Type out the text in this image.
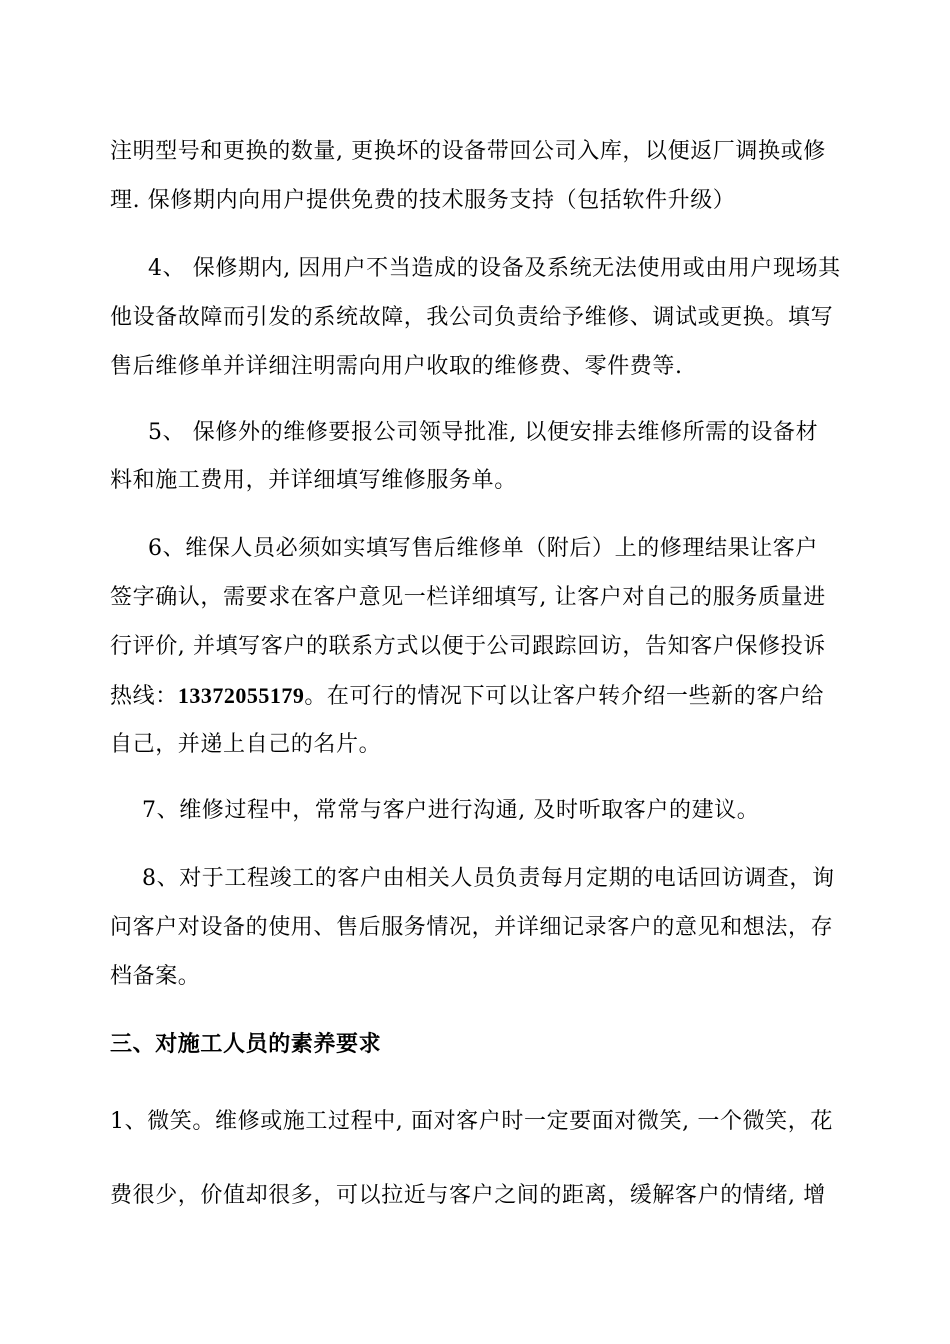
注明型号和更换的数量, 更换坏的设备带回公司入库，以便返厂调换或修
理. 保修期内向用户提供免费的技术服务支持（包括软件升级）
4、 保修期内, 因用户不当造成的设备及系统无法使用或由用户现场其
他设备故障而引发的系统故障，我公司负责给予维修、调试或更换。填写
售后维修单并详细注明需向用户收取的维修费、零件费等.
5、 保修外的维修要报公司领导批准, 以便安排去维修所需的设备材
料和施工费用，并详细填写维修服务单。
6、维保人员必须如实填写售后维修单（附后）上的修理结果让客户
签字确认，需要求在客户意见一栏详细填写, 让客户对自己的服务质量进
行评价, 并填写客户的联系方式以便于公司跟踪回访，告知客户保修投诉
热线：13372055179。在可行的情况下可以让客户转介绍一些新的客户给
自己，并递上自己的名片。
7、维修过程中，常常与客户进行沟通, 及时听取客户的建议。
8、对于工程竣工的客户由相关人员负责每月定期的电话回访调查，询
问客户对设备的使用、售后服务情况，并详细记录客户的意见和想法，存
档备案。
三、对施工人员的素养要求
1、微笑。维修或施工过程中, 面对客户时一定要面对微笑, 一个微笑，花
费很少，价值却很多，可以拉近与客户之间的距离，缓解客户的情绪, 增
